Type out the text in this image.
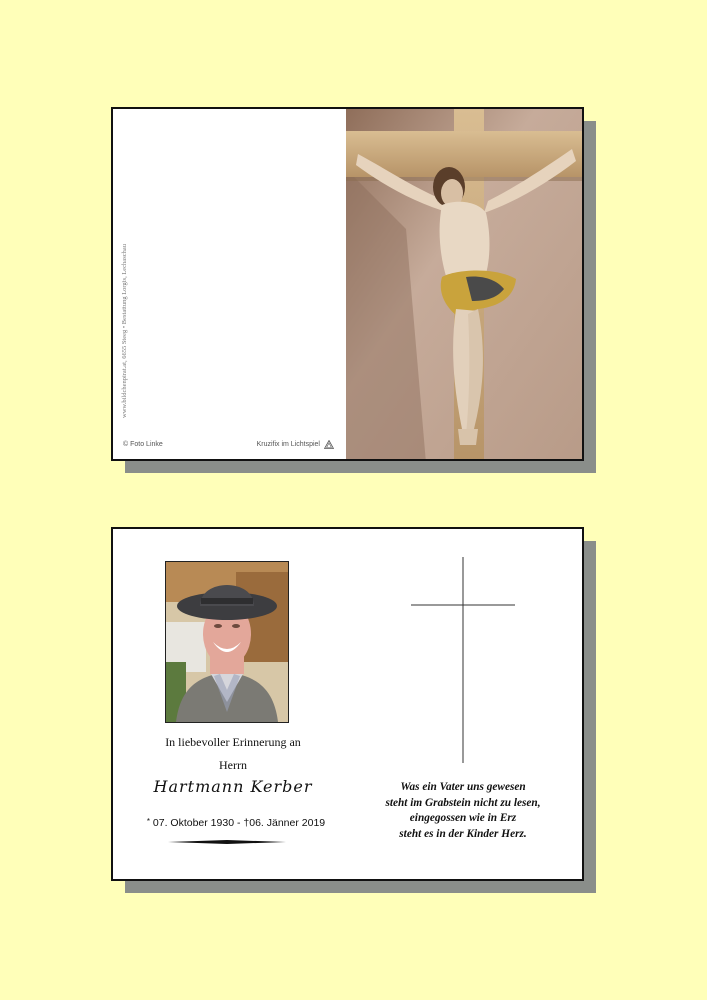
www.bildchenpirat.at, 6655 Steeg • Bestattung Lorgis, Lechaschau
© Foto Linke	Kruzifix im Lichtspiel
In liebevoller Erinnerung an
Herrn
Hartmann Kerber
* 07. Oktober 1930 - †06. Jänner 2019
Was ein Vater uns gewesen
steht im Grabstein nicht zu lesen,
eingegossen wie in Erz
steht es in der Kinder Herz.
